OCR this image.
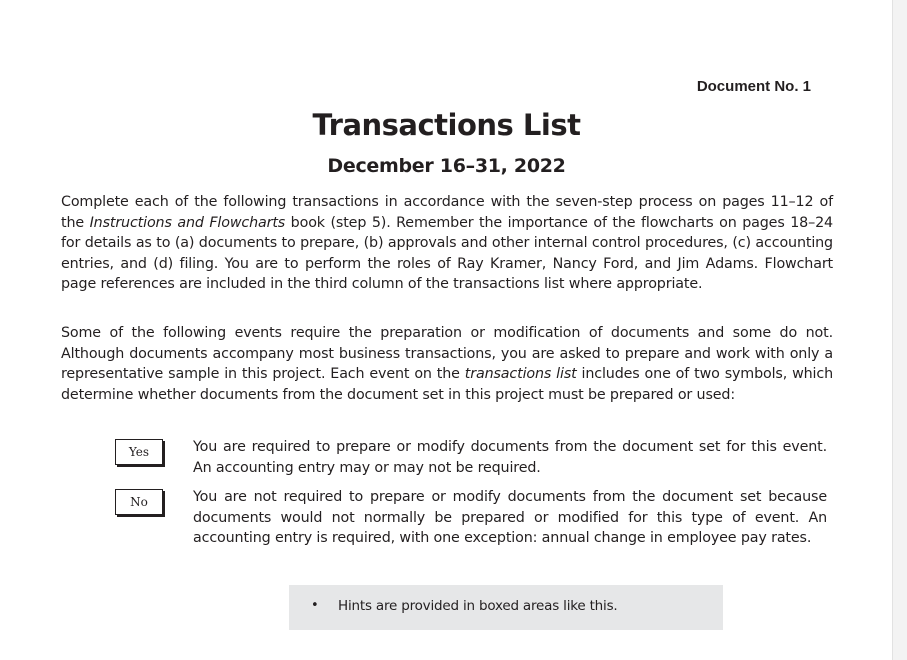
Document No. 1
Transactions List
December 16–31, 2022
Complete each of the following transactions in accordance with the seven-step process on pages 11–12 of the Instructions and Flowcharts book (step 5). Remember the importance of the flowcharts on pages 18–24 for details as to (a) documents to prepare, (b) approvals and other internal control procedures, (c) accounting entries, and (d) filing. You are to perform the roles of Ray Kramer, Nancy Ford, and Jim Adams. Flowchart page references are included in the third column of the transactions list where appropriate.
Some of the following events require the preparation or modification of documents and some do not. Although documents accompany most business transactions, you are asked to prepare and work with only a representative sample in this project. Each event on the transactions list includes one of two symbols, which determine whether documents from the document set in this project must be prepared or used:
Yes	You are required to prepare or modify documents from the document set for this event. An accounting entry may or may not be required.
No	You are not required to prepare or modify documents from the document set because documents would not normally be prepared or modified for this type of event. An accounting entry is required, with one exception: annual change in employee pay rates.
• Hints are provided in boxed areas like this.
